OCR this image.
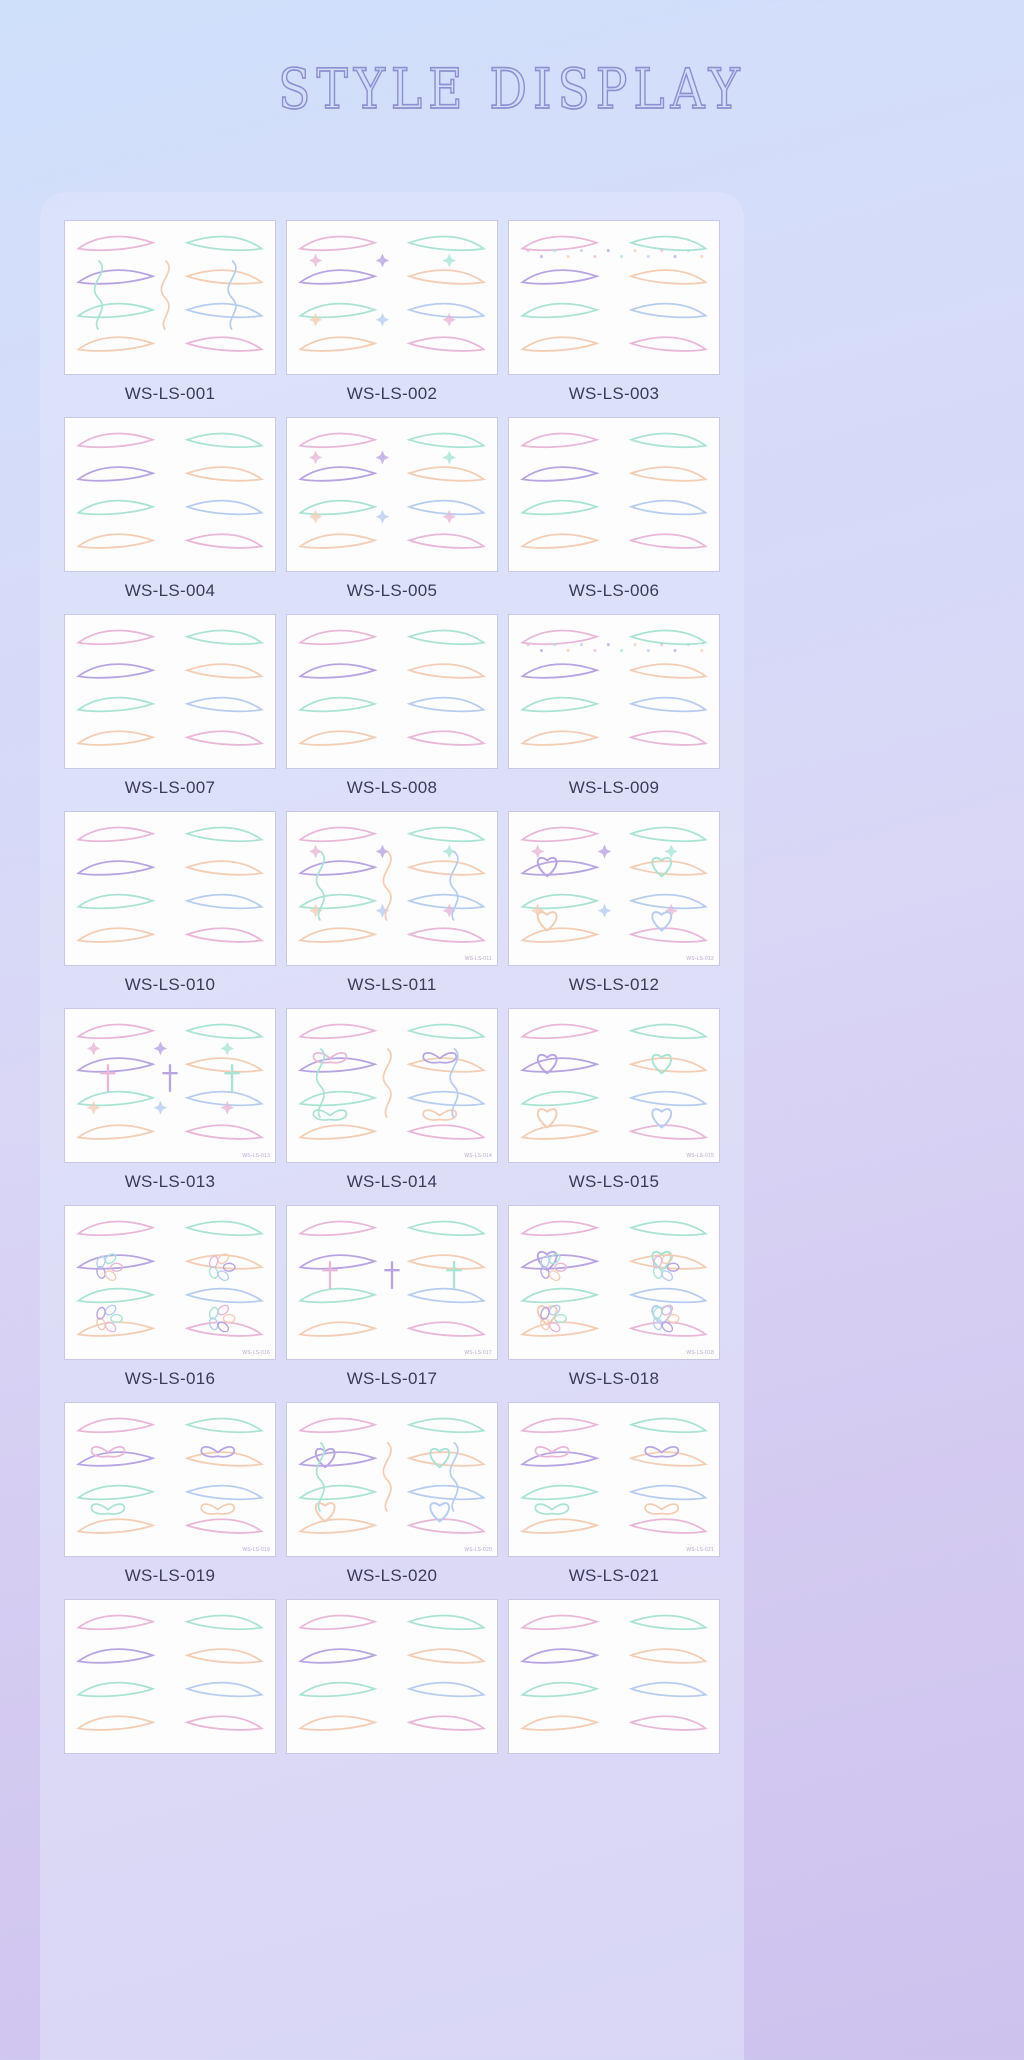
STYLE DISPLAY
WS-LS-001	WS-LS-002	WS-LS-003
WS-LS-004	WS-LS-005	WS-LS-006
WS-LS-007	WS-LS-008	WS-LS-009
WS-LS-010
WS-LS-011
WS-LS-011
WS-LS-012
WS-LS-012
WS-LS-013
WS-LS-013
WS-LS-014
WS-LS-014
WS-LS-015
WS-LS-015
WS-LS-016
WS-LS-016
WS-LS-017
WS-LS-017
WS-LS-018
WS-LS-018
WS-LS-019
WS-LS-019
WS-LS-020
WS-LS-020
WS-LS-021
WS-LS-021
